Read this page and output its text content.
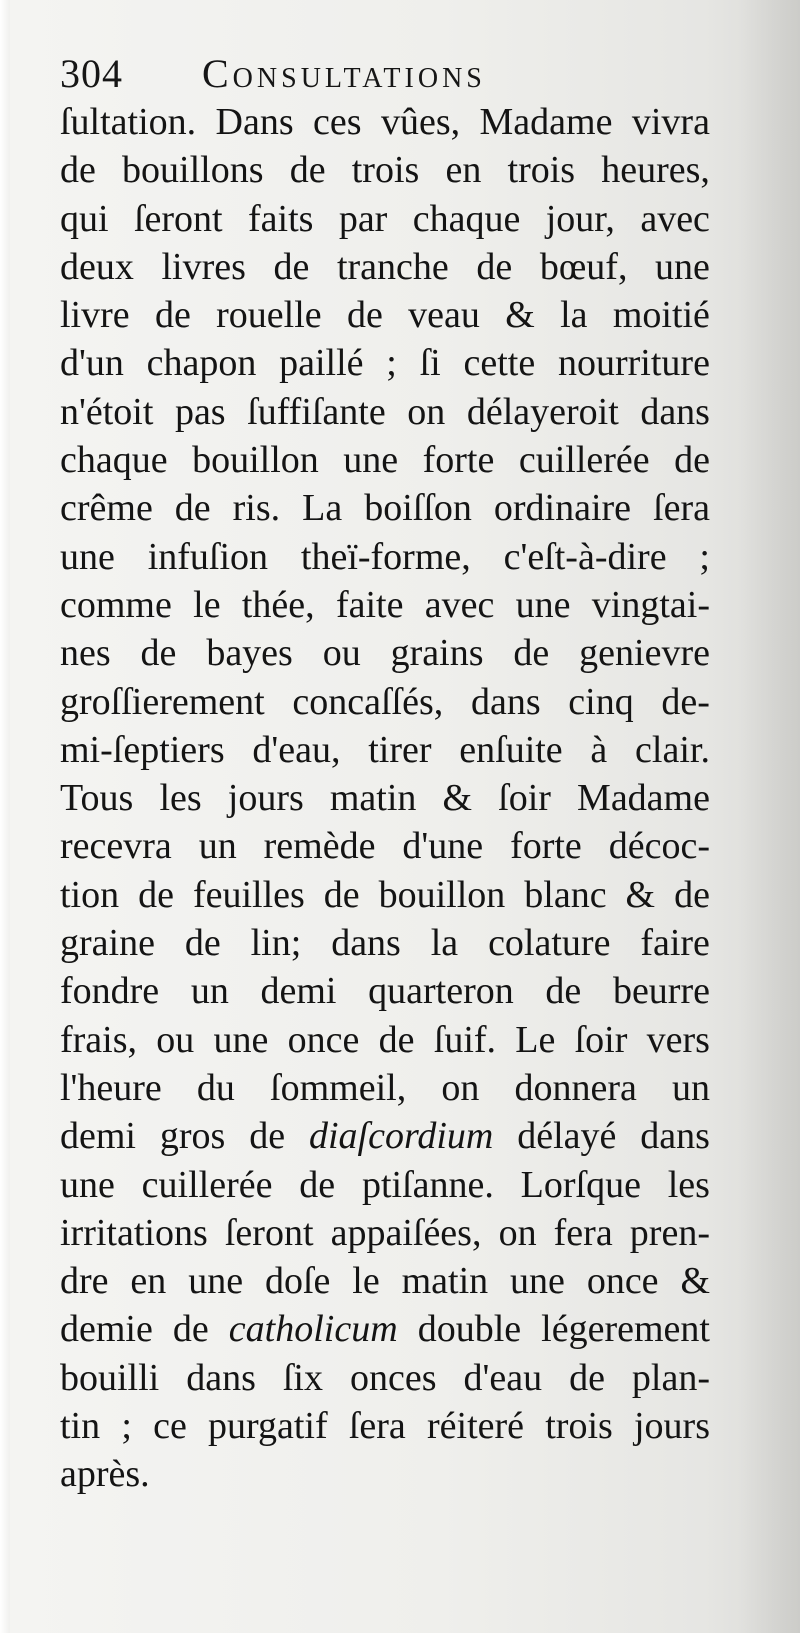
304 Consultations
ſultation. Dans ces vûes, Madame vivra
de bouillons de trois en trois heures,
qui ſeront faits par chaque jour, avec
deux livres de tranche de bœuf, une
livre de rouelle de veau & la moitié
d'un chapon paillé ; ſi cette nourriture
n'étoit pas ſuffiſante on délayeroit dans
chaque bouillon une forte cuillerée de
crême de ris. La boiſſon ordinaire ſera
une infuſion theï-forme, c'eſt-à-dire ;
comme le thée, faite avec une vingtai-
nes de bayes ou grains de genievre
groſſierement concaſſés, dans cinq de-
mi-ſeptiers d'eau, tirer enſuite à clair.
Tous les jours matin & ſoir Madame
recevra un remède d'une forte décoc-
tion de feuilles de bouillon blanc & de
graine de lin; dans la colature faire
fondre un demi quarteron de beurre
frais, ou une once de ſuif. Le ſoir vers
l'heure du ſommeil, on donnera un
demi gros de diaſcordium délayé dans
une cuillerée de ptiſanne. Lorſque les
irritations ſeront appaiſées, on fera pren-
dre en une doſe le matin une once &
demie de catholicum double légerement
bouilli dans ſix onces d'eau de plan-
tin ; ce purgatif ſera réiteré trois jours
après.
